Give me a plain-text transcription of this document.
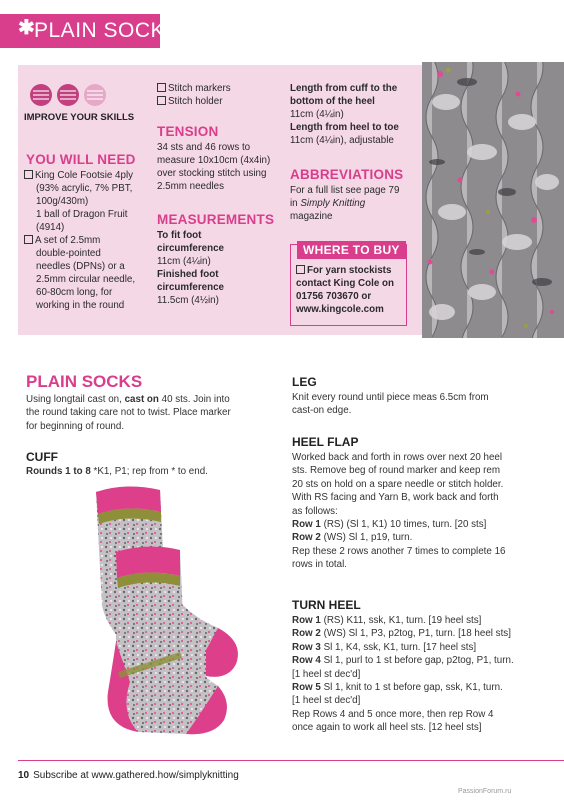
✱ PLAIN SOCKS
IMPROVE YOUR SKILLS
YOU WILL NEED
King Cole Footsie 4ply
(93% acrylic, 7% PBT,
100g/430m)
1 ball of Dragon Fruit
(4914)
A set of 2.5mm
double-pointed
needles (DPNs) or a
2.5mm circular needle,
60-80cm long, for
working in the round
Stitch markers
Stitch holder
TENSION
34 sts and 46 rows to
measure 10x10cm (4x4in)
over stocking stitch using
2.5mm needles
MEASUREMENTS
To fit foot
circumference
11cm (4¼in)
Finished foot
circumference
11.5cm (4½in)
Length from cuff to the
bottom of the heel
11cm (4¼in)
Length from heel to toe
11cm (4¼in), adjustable
ABBREVIATIONS
For a full list see page 79
in Simply Knitting
magazine
WHERE TO BUY
For yarn stockists
contact King Cole on
01756 703670 or
www.kingcole.com
PLAIN SOCKS
Using longtail cast on, cast on 40 sts. Join into
the round taking care not to twist. Place marker
for beginning of round.
CUFF
Rounds 1 to 8 *K1, P1; rep from * to end.
LEG
Knit every round until piece meas 6.5cm from
cast-on edge.
HEEL FLAP
Worked back and forth in rows over next 20 heel
sts. Remove beg of round marker and keep rem
20 sts on hold on a spare needle or stitch holder.
With RS facing and Yarn B, work back and forth
as follows:
Row 1 (RS) (Sl 1, K1) 10 times, turn. [20 sts]
Row 2 (WS) Sl 1, p19, turn.
Rep these 2 rows another 7 times to complete 16
rows in total.
TURN HEEL
Row 1 (RS) K11, ssk, K1, turn. [19 heel sts]
Row 2 (WS) Sl 1, P3, p2tog, P1, turn. [18 heel sts]
Row 3 Sl 1, K4, ssk, K1, turn. [17 heel sts]
Row 4 Sl 1, purl to 1 st before gap, p2tog, P1, turn.
[1 heel st dec'd]
Row 5 Sl 1, knit to 1 st before gap, ssk, K1, turn.
[1 heel st dec'd]
Rep Rows 4 and 5 once more, then rep Row 4
once again to work all heel sts. [12 heel sts]
10 Subscribe at www.gathered.how/simplyknitting
PassionForum.ru
